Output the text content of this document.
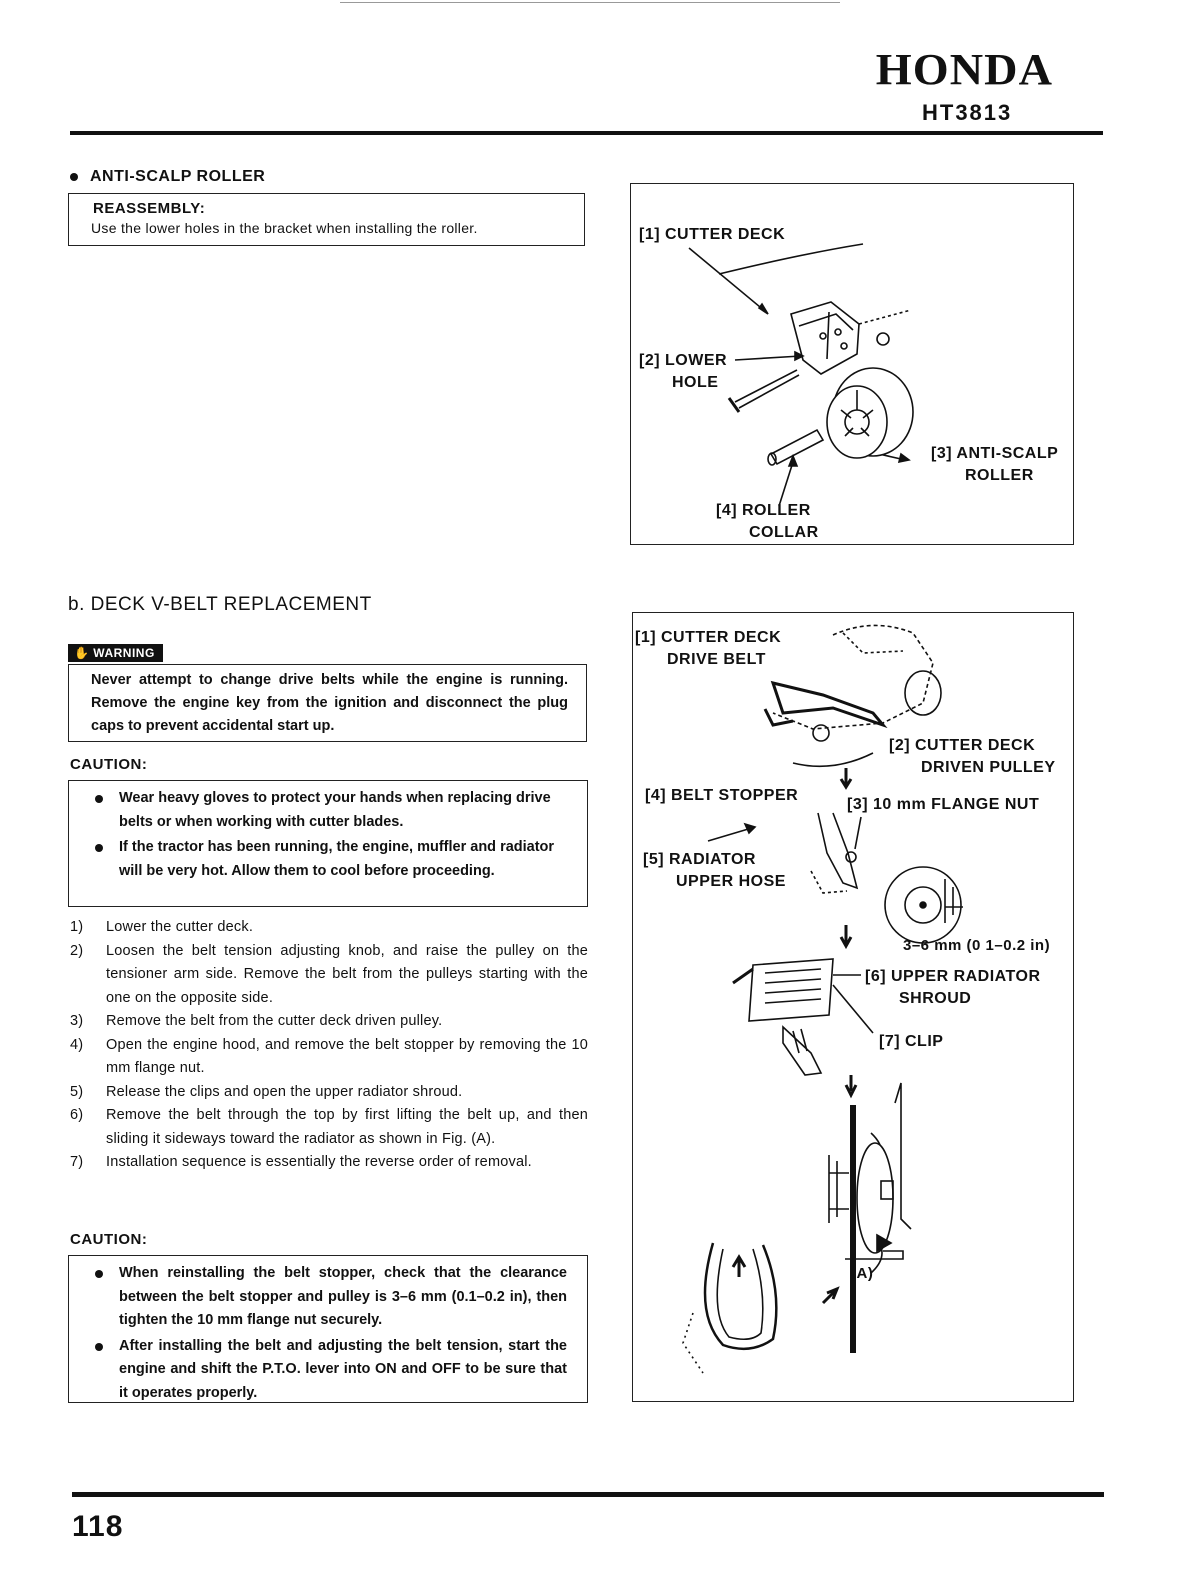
HONDA
HT3813
ANTI-SCALP ROLLER
REASSEMBLY:
Use the lower holes in the bracket when installing the roller.	[1] CUTTER DECK
[2] LOWER
HOLE
[3] ANTI-SCALP
ROLLER
[4] ROLLER
COLLAR
b. DECK V-BELT REPLACEMENT
✋ WARNING
Never attempt to change drive belts while the engine is running. Remove the engine key from the ignition and disconnect the plug caps to prevent accidental start up.
CAUTION:
Wear heavy gloves to protect your hands when replacing drive belts or when working with cutter blades.
If the tractor has been running, the engine, muffler and radiator will be very hot. Allow them to cool before proceeding.
1) Lower the cutter deck.
2) Loosen the belt tension adjusting knob, and raise the pulley on the tensioner arm side. Remove the belt from the pulleys starting with the one on the opposite side.
3) Remove the belt from the cutter deck driven pulley.
4) Open the engine hood, and remove the belt stopper by removing the 10 mm flange nut.
5) Release the clips and open the upper radiator shroud.
6) Remove the belt through the top by first lifting the belt up, and then sliding it sideways toward the radiator as shown in Fig. (A).
7) Installation sequence is essentially the reverse order of removal.
CAUTION:
When reinstalling the belt stopper, check that the clearance between the belt stopper and pulley is 3–6 mm (0.1–0.2 in), then tighten the 10 mm flange nut securely.
After installing the belt and adjusting the belt tension, start the engine and shift the P.T.O. lever into ON and OFF to be sure that it operates properly.
[1] CUTTER DECK
DRIVE BELT
[2] CUTTER DECK
DRIVEN PULLEY
[3] 10 mm FLANGE NUT
[4] BELT STOPPER
[5] RADIATOR
UPPER HOSE
3–6 mm (0 1–0.2 in)
[6] UPPER RADIATOR
SHROUD
[7] CLIP
(A)
118
